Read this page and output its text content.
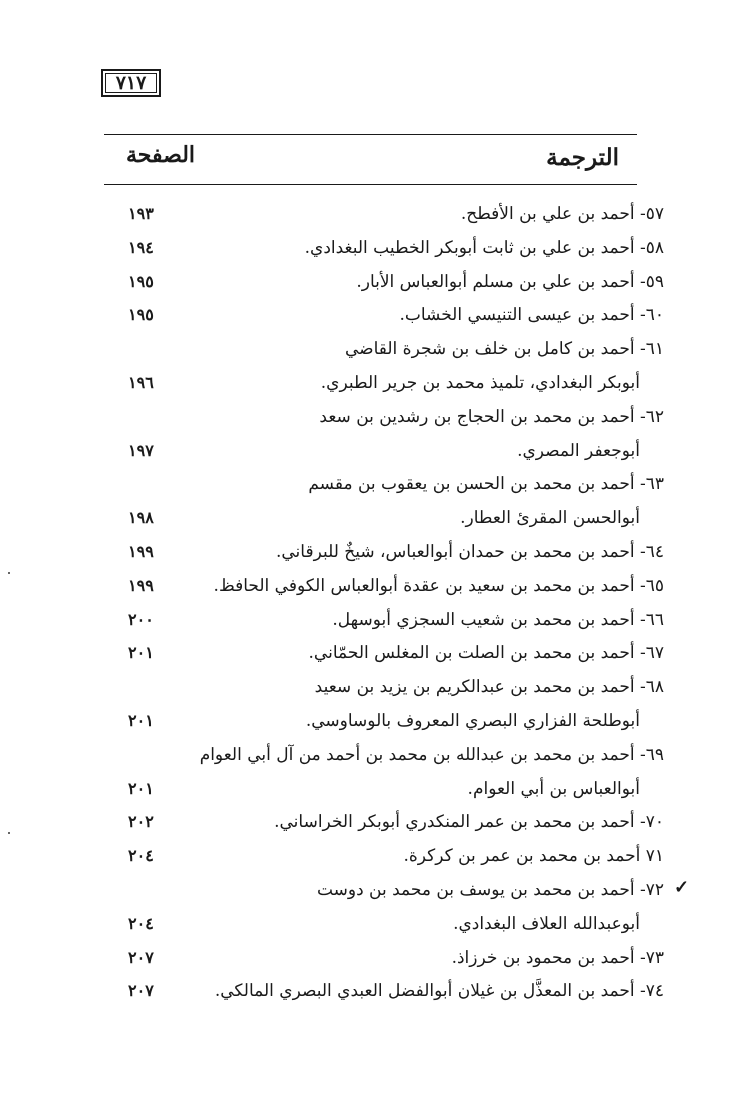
٧١٧
الترجمة
الصفحة
٥٧- أحمد بن علي بن الأفطح.
١٩٣
٥٨- أحمد بن علي بن ثابت أبوبكر الخطيب البغدادي.
١٩٤
٥٩- أحمد بن علي بن مسلم أبوالعباس الأبار.
١٩٥
٦٠- أحمد بن عيسى التنيسي الخشاب.
١٩٥
٦١- أحمد بن كامل بن خلف بن شجرة القاضي
أبوبكر البغدادي، تلميذ محمد بن جرير الطبري.
١٩٦
٦٢- أحمد بن محمد بن الحجاج بن رشدين بن سعد
أبوجعفر المصري.
١٩٧
٦٣- أحمد بن محمد بن الحسن بن يعقوب بن مقسم
أبوالحسن المقرئ العطار.
١٩٨
٦٤- أحمد بن محمد بن حمدان أبوالعباس، شيخٌ للبرقاني.
١٩٩
٦٥- أحمد بن محمد بن سعيد بن عقدة أبوالعباس الكوفي الحافظ.
١٩٩
٦٦- أحمد بن محمد بن شعيب السجزي أبوسهل.
٢٠٠
٦٧- أحمد بن محمد بن الصلت بن المغلس الحمّاني.
٢٠١
٦٨- أحمد بن محمد بن عبدالكريم بن يزيد بن سعيد
أبوطلحة الفزاري البصري المعروف بالوساوسي.
٢٠١
٦٩- أحمد بن محمد بن عبدالله بن محمد بن أحمد من آل أبي العوام
أبوالعباس بن أبي العوام.
٢٠١
٧٠- أحمد بن محمد بن عمر المنكدري أبوبكر الخراساني.
٢٠٢
٧١ أحمد بن محمد بن عمر بن كركرة.
٢٠٤
٧٢- أحمد بن محمد بن يوسف بن محمد بن دوست
أبوعبدالله العلاف البغدادي.
٢٠٤
٧٣- أحمد بن محمود بن خرزاذ.
٢٠٧
٧٤- أحمد بن المعذَّل بن غيلان أبوالفضل العبدي البصري المالكي.
٢٠٧
✓
